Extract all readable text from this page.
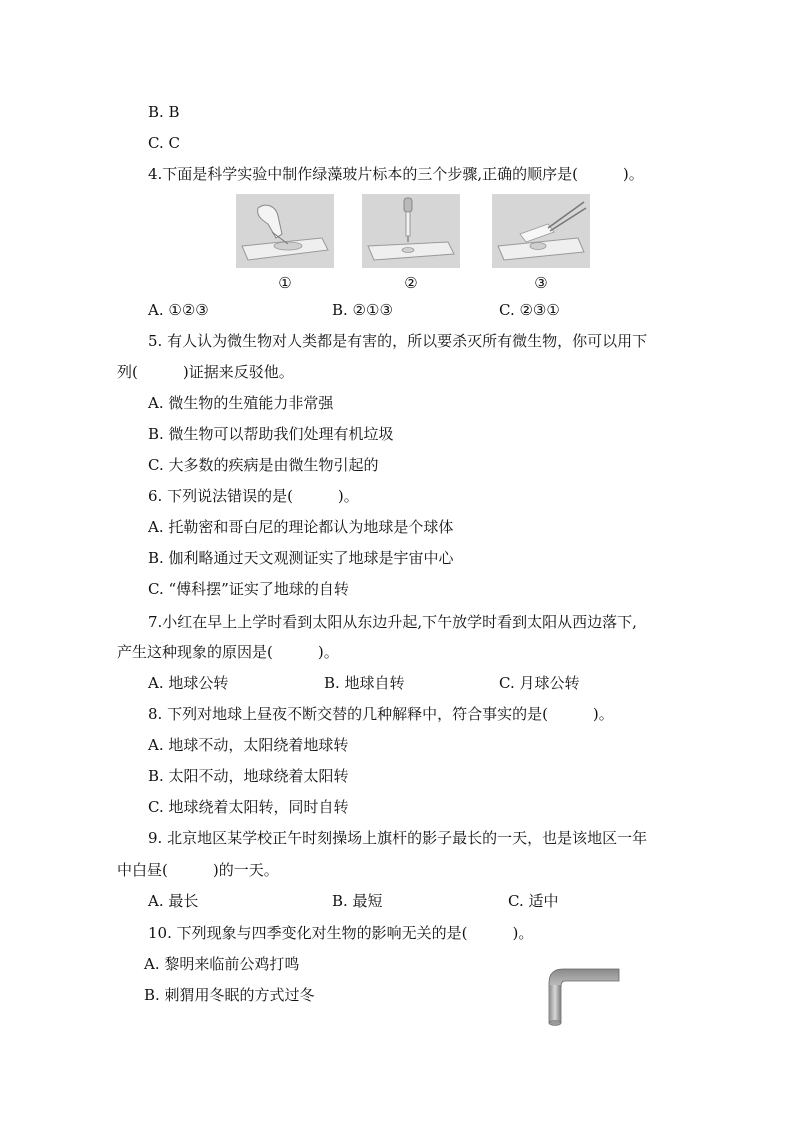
B. B
C. C
4.下面是科学实验中制作绿藻玻片标本的三个步骤,正确的顺序是(　　　)。
①	②	③
A. ①②③	B. ②①③	C. ②③①
5. 有人认为微生物对人类都是有害的，所以要杀灭所有微生物，你可以用下
列(　　　)证据来反驳他。
A. 微生物的生殖能力非常强
B. 微生物可以帮助我们处理有机垃圾
C. 大多数的疾病是由微生物引起的
6. 下列说法错误的是(　　　)。
A. 托勒密和哥白尼的理论都认为地球是个球体
B. 伽利略通过天文观测证实了地球是宇宙中心
C. “傅科摆”证实了地球的自转
7.小红在早上上学时看到太阳从东边升起,下午放学时看到太阳从西边落下,
产生这种现象的原因是(　　　)。
A. 地球公转	B. 地球自转	C. 月球公转
8. 下列对地球上昼夜不断交替的几种解释中，符合事实的是(　　　)。
A. 地球不动，太阳绕着地球转
B. 太阳不动，地球绕着太阳转
C. 地球绕着太阳转，同时自转
9. 北京地区某学校正午时刻操场上旗杆的影子最长的一天，也是该地区一年
中白昼(　　　)的一天。
A. 最长	B. 最短	C. 适中
10. 下列现象与四季变化对生物的影响无关的是(　　　)。
A. 黎明来临前公鸡打鸣
B. 刺猬用冬眠的方式过冬
